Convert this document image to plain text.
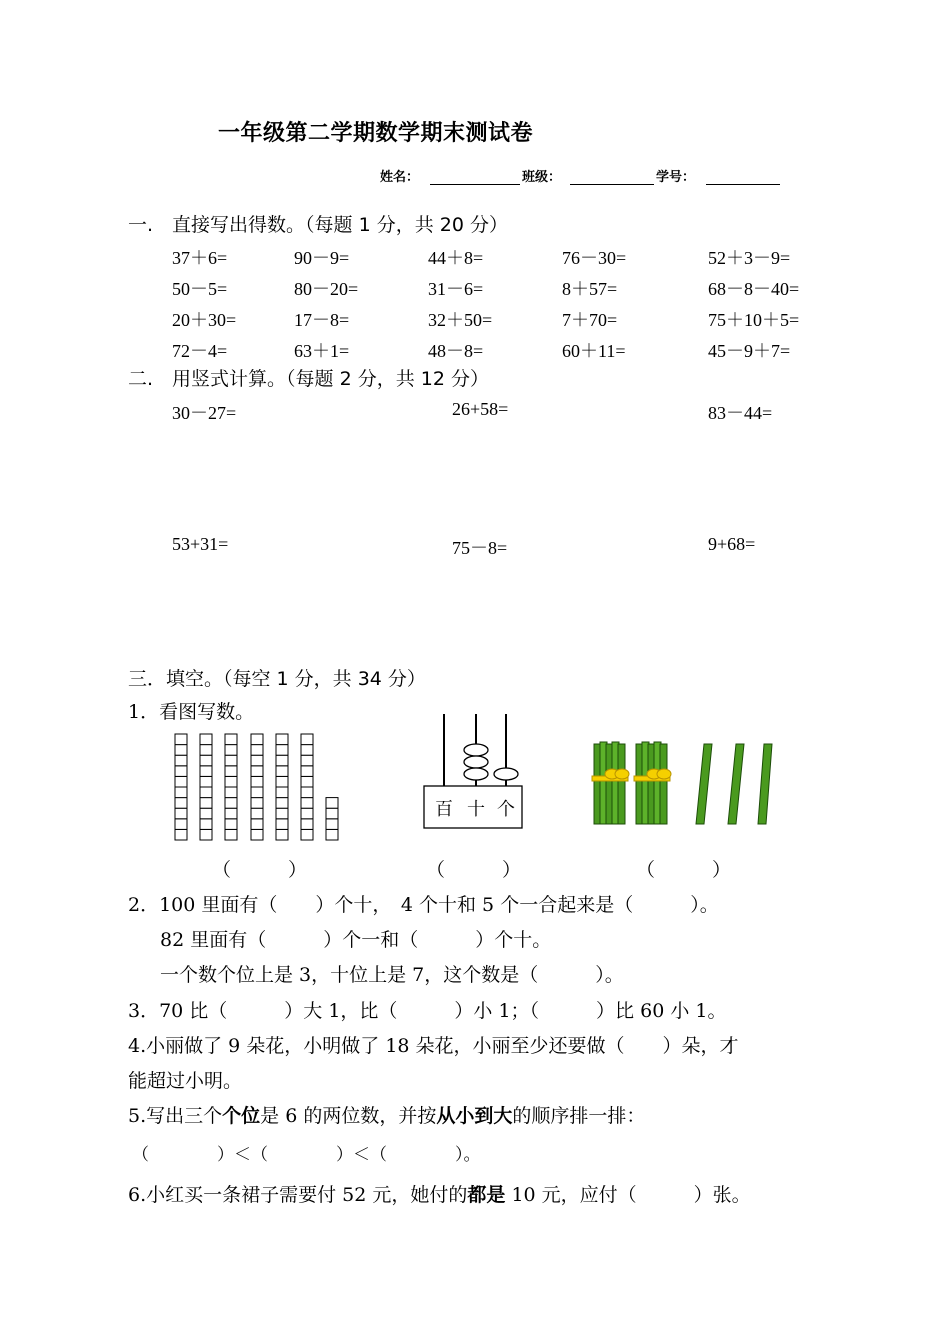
一年级第二学期数学期末测试卷
姓名：	班级：	学号：
一.　直接写出得数。（每题 1 分，共 20 分）
37＋6=	90－9=	44＋8=	76－30=	52＋3－9=
50－5=	80－20=	31－6=	8＋57=	68－8－40=
20＋30=	17－8=	32＋50=	7＋70=	75＋10＋5=
72－4=	63＋1=	48－8=	60＋11=	45－9＋7=
二.　用竖式计算。（每题 2 分，共 12 分）
30－27=	26+58=	83－44=
53+31=	75－8=	9+68=
三．填空。（每空 1 分，共 34 分）
1．看图写数。
百 十 个
（　　　）	（　　　）	（　　　）
2．100 里面有（　　）个十，　4 个十和 5 个一合起来是（　　　）。
82 里面有（　　　）个一和（　　　）个十。
一个数个位上是 3，十位上是 7，这个数是（　　　）。
3．70 比（　　　）大 1，比（　　　）小 1；（　　　）比 60 小 1。
4.小丽做了 9 朵花，小明做了 18 朵花，小丽至少还要做（　　）朵，才
能超过小明。
5.写出三个个位是 6 的两位数，并按从小到大的顺序排一排：
（　　　　）＜（　　　　）＜（　　　　）。
6.小红买一条裙子需要付 52 元，她付的都是 10 元，应付（　　　）张。
